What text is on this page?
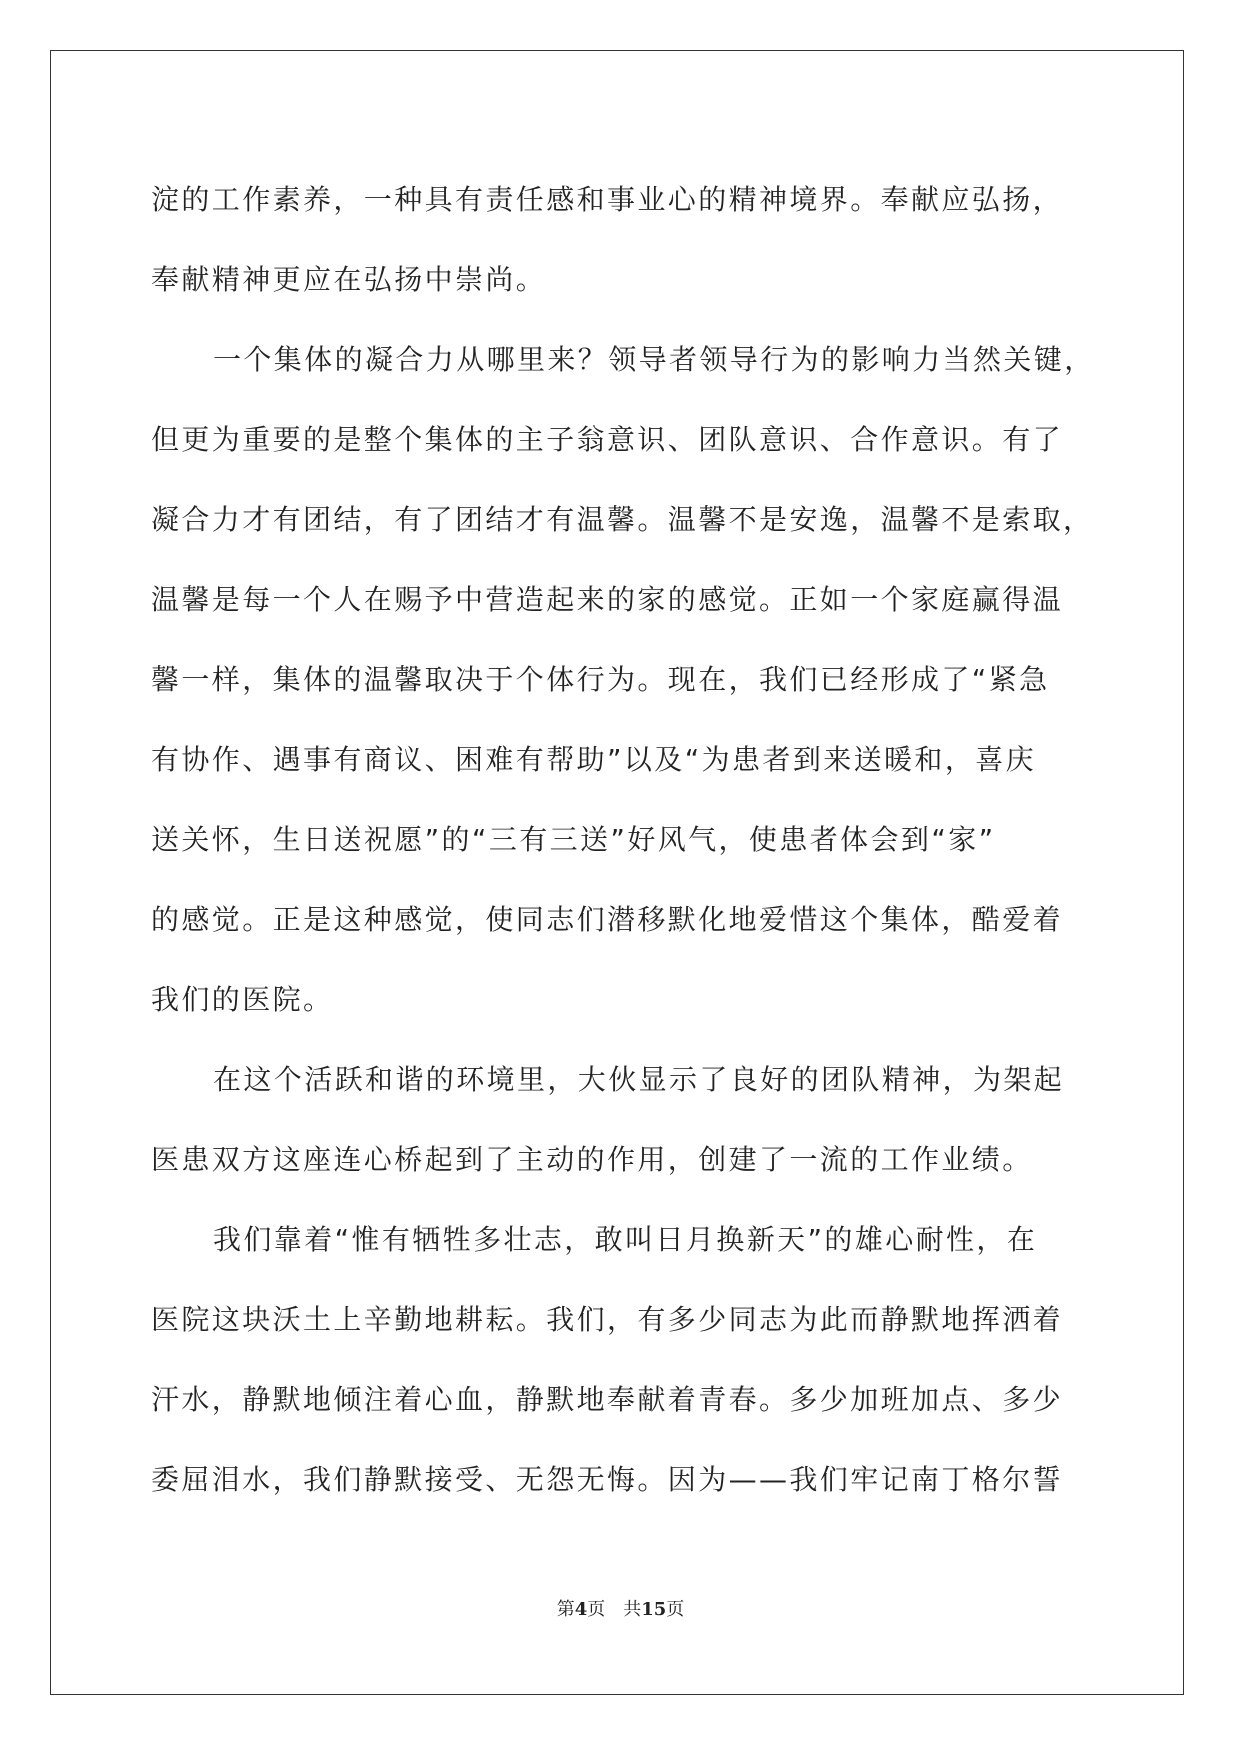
淀的工作素养，一种具有责任感和事业心的精神境界。奉献应弘扬，
奉献精神更应在弘扬中崇尚。
一个集体的凝合力从哪里来？领导者领导行为的影响力当然关键，
但更为重要的是整个集体的主子翁意识、团队意识、合作意识。有了
凝合力才有团结，有了团结才有温馨。温馨不是安逸，温馨不是索取，
温馨是每一个人在赐予中营造起来的家的感觉。正如一个家庭赢得温
馨一样，集体的温馨取决于个体行为。现在，我们已经形成了“紧急
有协作、遇事有商议、困难有帮助”以及“为患者到来送暖和，喜庆
送关怀，生日送祝愿”的“三有三送”好风气，使患者体会到“家”
的感觉。正是这种感觉，使同志们潜移默化地爱惜这个集体，酷爱着
我们的医院。
在这个活跃和谐的环境里，大伙显示了良好的团队精神，为架起
医患双方这座连心桥起到了主动的作用，创建了一流的工作业绩。
我们靠着“惟有牺牲多壮志，敢叫日月换新天”的雄心耐性，在
医院这块沃土上辛勤地耕耘。我们，有多少同志为此而静默地挥洒着
汗水，静默地倾注着心血，静默地奉献着青春。多少加班加点、多少
委屈泪水，我们静默接受、无怨无悔。因为——我们牢记南丁格尔誓
第4页 共15页
